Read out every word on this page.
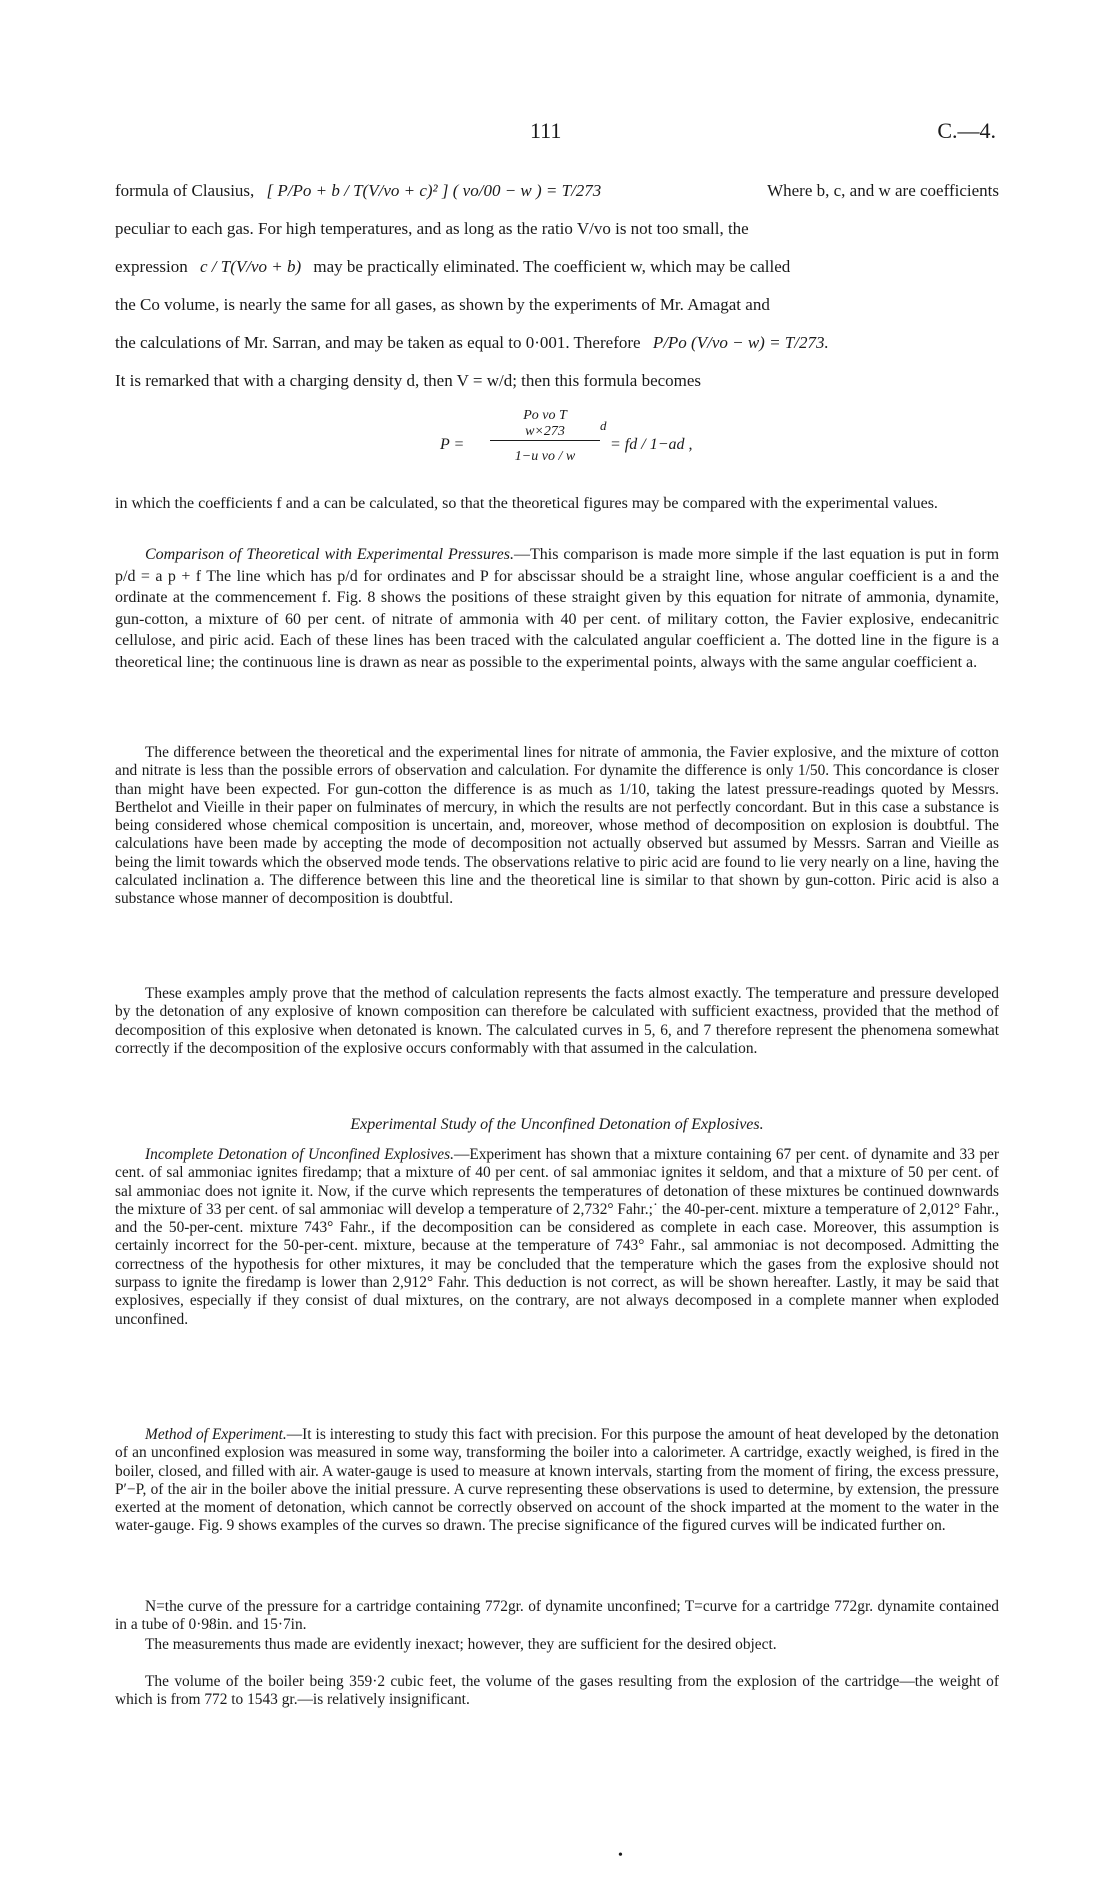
111	C.—4.
formula of Clausius, [ P/Po + b / T(V/vo + c)² ] ( vo/00 − w ) = T/273	Where b, c, and w are coefficients
peculiar to each gas. For high temperatures, and as long as the ratio V/vo is not too small, the
expression c / T(V/vo + b) may be practically eliminated. The coefficient w, which may be called
the Co volume, is nearly the same for all gases, as shown by the experiments of Mr. Amagat and
the calculations of Mr. Sarran, and may be taken as equal to 0·001. Therefore P/Po (V/vo − w) = T/273.
It is remarked that with a charging density d, then V = w/d; then this formula becomes
P =
Po vo T
w×273
1−u vo / w
d
= fd / 1−ad ,
in which the coefficients f and a can be calculated, so that the theoretical figures may be compared with the experimental values.
Comparison of Theoretical with Experimental Pressures.—This comparison is made more simple if the last equation is put in form p/d = a p + f The line which has p/d for ordinates and P for abscissar should be a straight line, whose angular coefficient is a and the ordinate at the commencement f. Fig. 8 shows the positions of these straight given by this equation for nitrate of ammonia, dynamite, gun-cotton, a mixture of 60 per cent. of nitrate of ammonia with 40 per cent. of military cotton, the Favier explosive, endecanitric cellulose, and piric acid. Each of these lines has been traced with the calculated angular coefficient a. The dotted line in the figure is a theoretical line; the continuous line is drawn as near as possible to the experimental points, always with the same angular coefficient a.
The difference between the theoretical and the experimental lines for nitrate of ammonia, the Favier explosive, and the mixture of cotton and nitrate is less than the possible errors of observation and calculation. For dynamite the difference is only 1/50. This concordance is closer than might have been expected. For gun-cotton the difference is as much as 1/10, taking the latest pressure-readings quoted by Messrs. Berthelot and Vieille in their paper on fulminates of mercury, in which the results are not perfectly concordant. But in this case a substance is being considered whose chemical composition is uncertain, and, moreover, whose method of decomposition on explosion is doubtful. The calculations have been made by accepting the mode of decomposition not actually observed but assumed by Messrs. Sarran and Vieille as being the limit towards which the observed mode tends. The observations relative to piric acid are found to lie very nearly on a line, having the calculated inclination a. The difference between this line and the theoretical line is similar to that shown by gun-cotton. Piric acid is also a substance whose manner of decomposition is doubtful.
These examples amply prove that the method of calculation represents the facts almost exactly. The temperature and pressure developed by the detonation of any explosive of known composition can therefore be calculated with sufficient exactness, provided that the method of decomposition of this explosive when detonated is known. The calculated curves in 5, 6, and 7 therefore represent the phenomena somewhat correctly if the decomposition of the explosive occurs conformably with that assumed in the calculation.
Experimental Study of the Unconfined Detonation of Explosives.
Incomplete Detonation of Unconfined Explosives.—Experiment has shown that a mixture containing 67 per cent. of dynamite and 33 per cent. of sal ammoniac ignites firedamp; that a mixture of 40 per cent. of sal ammoniac ignites it seldom, and that a mixture of 50 per cent. of sal ammoniac does not ignite it. Now, if the curve which represents the temperatures of detonation of these mixtures be continued downwards the mixture of 33 per cent. of sal ammoniac will develop a temperature of 2,732° Fahr.;˙ the 40-per-cent. mixture a temperature of 2,012° Fahr., and the 50-per-cent. mixture 743° Fahr., if the decomposition can be considered as complete in each case. Moreover, this assumption is certainly incorrect for the 50-per-cent. mixture, because at the temperature of 743° Fahr., sal ammoniac is not decomposed. Admitting the correctness of the hypothesis for other mixtures, it may be concluded that the temperature which the gases from the explosive should not surpass to ignite the firedamp is lower than 2,912° Fahr. This deduction is not correct, as will be shown hereafter. Lastly, it may be said that explosives, especially if they consist of dual mixtures, on the contrary, are not always decomposed in a complete manner when exploded unconfined.
Method of Experiment.—It is interesting to study this fact with precision. For this purpose the amount of heat developed by the detonation of an unconfined explosion was measured in some way, transforming the boiler into a calorimeter. A cartridge, exactly weighed, is fired in the boiler, closed, and filled with air. A water-gauge is used to measure at known intervals, starting from the moment of firing, the excess pressure, P′−P, of the air in the boiler above the initial pressure. A curve representing these observations is used to determine, by extension, the pressure exerted at the moment of detonation, which cannot be correctly observed on account of the shock imparted at the moment to the water in the water-gauge. Fig. 9 shows examples of the curves so drawn. The precise significance of the figured curves will be indicated further on.
N=the curve of the pressure for a cartridge containing 772gr. of dynamite unconfined; T=curve for a cartridge 772gr. dynamite contained in a tube of 0·98in. and 15·7in.
The measurements thus made are evidently inexact; however, they are sufficient for the desired object.
The volume of the boiler being 359·2 cubic feet, the volume of the gases resulting from the explosion of the cartridge—the weight of which is from 772 to 1543 gr.—is relatively insignificant.
•
